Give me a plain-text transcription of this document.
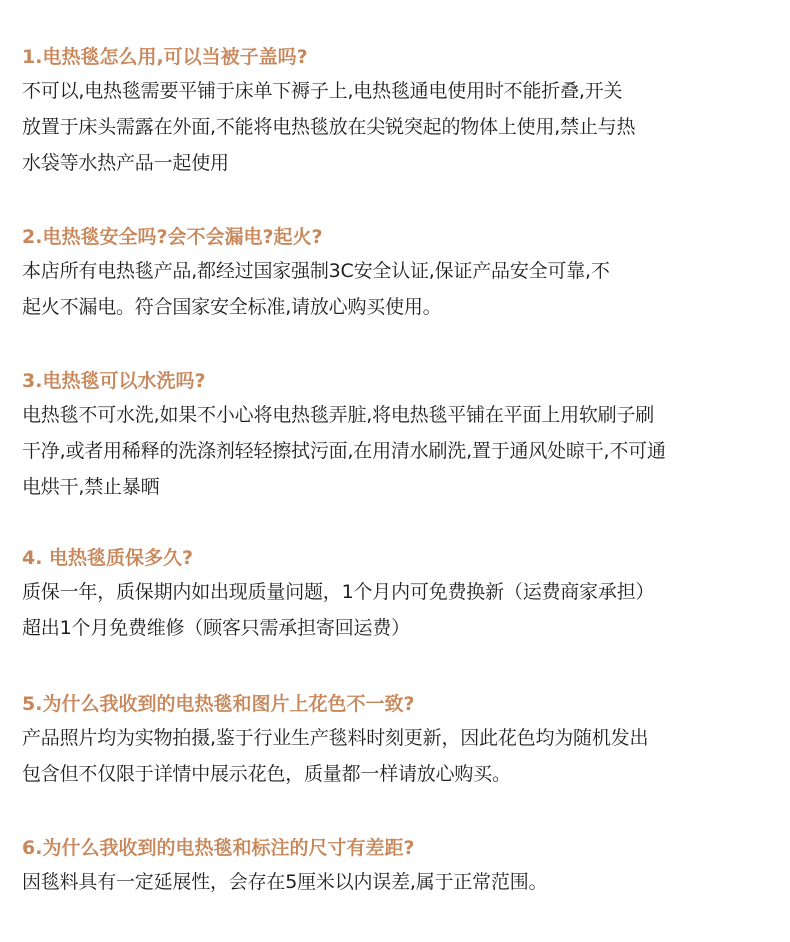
1.电热毯怎么用,可以当被子盖吗?

不可以,电热毯需要平铺于床单下褥子上,电热毯通电使用时不能折叠,开关

放置于床头需露在外面,不能将电热毯放在尖锐突起的物体上使用,禁止与热

水袋等水热产品一起使用

2.电热毯安全吗?会不会漏电?起火?

本店所有电热毯产品,都经过国家强制3C安全认证,保证产品安全可靠,不

起火不漏电。符合国家安全标准,请放心购买使用。

3.电热毯可以水洗吗?

电热毯不可水洗,如果不小心将电热毯弄脏,将电热毯平铺在平面上用软刷子刷

干净,或者用稀释的洗涤剂轻轻擦拭污面,在用清水刷洗,置于通风处晾干,不可通

电烘干,禁止暴晒

4. 电热毯质保多久?

质保一年，质保期内如出现质量问题，1个月内可免费换新（运费商家承担）

超出1个月免费维修（顾客只需承担寄回运费）

5.为什么我收到的电热毯和图片上花色不一致?

产品照片均为实物拍摄,鉴于行业生产毯料时刻更新，因此花色均为随机发出

包含但不仅限于详情中展示花色，质量都一样请放心购买。

6.为什么我收到的电热毯和标注的尺寸有差距?

因毯料具有一定延展性，会存在5厘米以内误差,属于正常范围。
